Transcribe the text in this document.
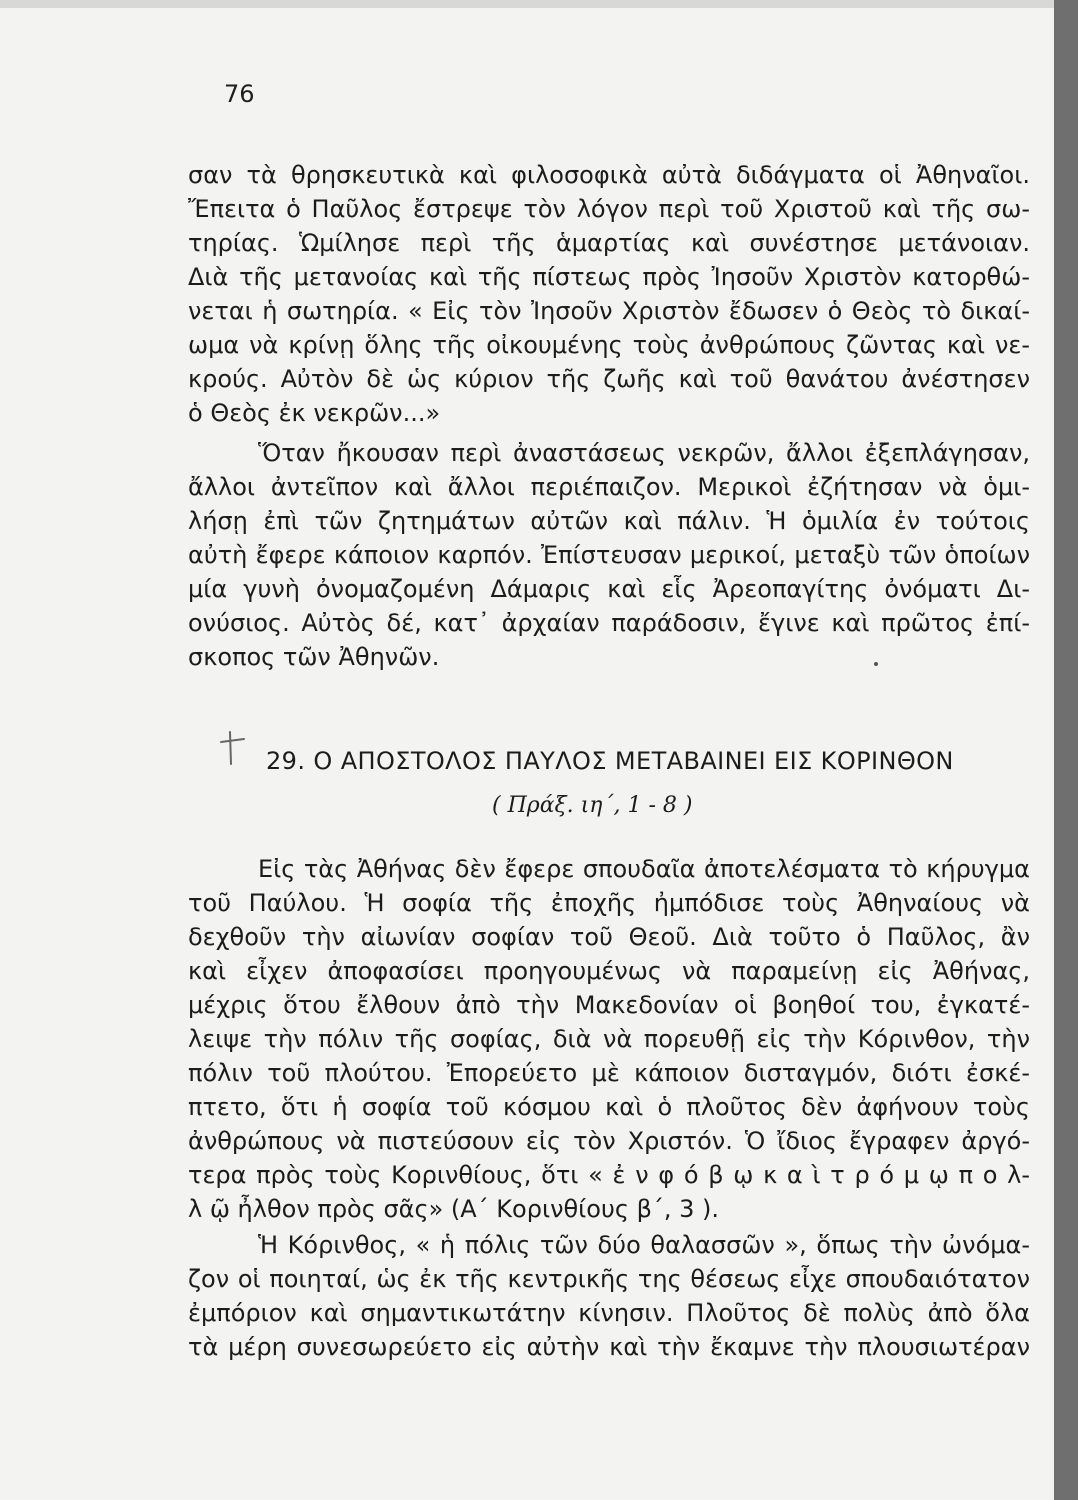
76
σαν τὰ θρησκευτικὰ καὶ φιλοσοφικὰ αὐτὰ διδάγματα οἱ Ἀθηναῖοι.
Ἔπειτα ὁ Παῦλος ἔστρεψε τὸν λόγον περὶ τοῦ Χριστοῦ καὶ τῆς σω-
τηρίας. Ὡμίλησε περὶ τῆς ἁμαρτίας καὶ συνέστησε μετάνοιαν.
Διὰ τῆς μετανοίας καὶ τῆς πίστεως πρὸς Ἰησοῦν Χριστὸν κατορθώ-
νεται ἡ σωτηρία. « Εἰς τὸν Ἰησοῦν Χριστὸν ἔδωσεν ὁ Θεὸς τὸ δικαί-
ωμα νὰ κρίνῃ ὅλης τῆς οἰκουμένης τοὺς ἀνθρώπους ζῶντας καὶ νε-
κρούς. Αὐτὸν δὲ ὡς κύριον τῆς ζωῆς καὶ τοῦ θανάτου ἀνέστησεν
ὁ Θεὸς ἐκ νεκρῶν...»
Ὅταν ἤκουσαν περὶ ἀναστάσεως νεκρῶν, ἄλλοι ἐξεπλάγησαν,
ἄλλοι ἀντεῖπον καὶ ἄλλοι περιέπαιζον. Μερικοὶ ἐζήτησαν νὰ ὁμι-
λήσῃ ἐπὶ τῶν ζητημάτων αὐτῶν καὶ πάλιν. Ἡ ὁμιλία ἐν τούτοις
αὐτὴ ἔφερε κάποιον καρπόν. Ἐπίστευσαν μερικοί, μεταξὺ τῶν ὁποίων
μία γυνὴ ὀνομαζομένη Δάμαρις καὶ εἷς Ἀρεοπαγίτης ὀνόματι Δι-
ονύσιος. Αὐτὸς δέ, κατ᾽ ἀρχαίαν παράδοσιν, ἔγινε καὶ πρῶτος ἐπί-
σκοπος τῶν Ἀθηνῶν.
29. Ο ΑΠΟΣΤΟΛΟΣ ΠΑΥΛΟΣ ΜΕΤΑΒΑΙΝΕΙ ΕΙΣ ΚΟΡΙΝΘΟΝ
( Πράξ. ιη΄, 1 - 8 )
Εἰς τὰς Ἀθήνας δὲν ἔφερε σπουδαῖα ἀποτελέσματα τὸ κήρυγμα
τοῦ Παύλου. Ἡ σοφία τῆς ἐποχῆς ἠμπόδισε τοὺς Ἀθηναίους νὰ
δεχθοῦν τὴν αἰωνίαν σοφίαν τοῦ Θεοῦ. Διὰ τοῦτο ὁ Παῦλος, ἂν
καὶ εἶχεν ἀποφασίσει προηγουμένως νὰ παραμείνῃ εἰς Ἀθήνας,
μέχρις ὅτου ἔλθουν ἀπὸ τὴν Μακεδονίαν οἱ βοηθοί του, ἐγκατέ-
λειψε τὴν πόλιν τῆς σοφίας, διὰ νὰ πορευθῇ εἰς τὴν Κόρινθον, τὴν
πόλιν τοῦ πλούτου. Ἐπορεύετο μὲ κάποιον δισταγμόν, διότι ἐσκέ-
πτετο, ὅτι ἡ σοφία τοῦ κόσμου καὶ ὁ πλοῦτος δὲν ἀφήνουν τοὺς
ἀνθρώπους νὰ πιστεύσουν εἰς τὸν Χριστόν. Ὁ ἴδιος ἔγραφεν ἀργό-
τερα πρὸς τοὺς Κορινθίους, ὅτι « ἐ ν φ ό β ῳ κ α ὶ τ ρ ό μ ῳ π ο λ-
λ ῷ ἦλθον πρὸς σᾶς» (Α΄ Κορινθίους β΄, 3 ).
Ἡ Κόρινθος, « ἡ πόλις τῶν δύο θαλασσῶν », ὅπως τὴν ὠνόμα-
ζον οἱ ποιηταί, ὡς ἐκ τῆς κεντρικῆς της θέσεως εἶχε σπουδαιότατον
ἐμπόριον καὶ σημαντικωτάτην κίνησιν. Πλοῦτος δὲ πολὺς ἀπὸ ὅλα
τὰ μέρη συνεσωρεύετο εἰς αὐτὴν καὶ τὴν ἔκαμνε τὴν πλουσιωτέραν
